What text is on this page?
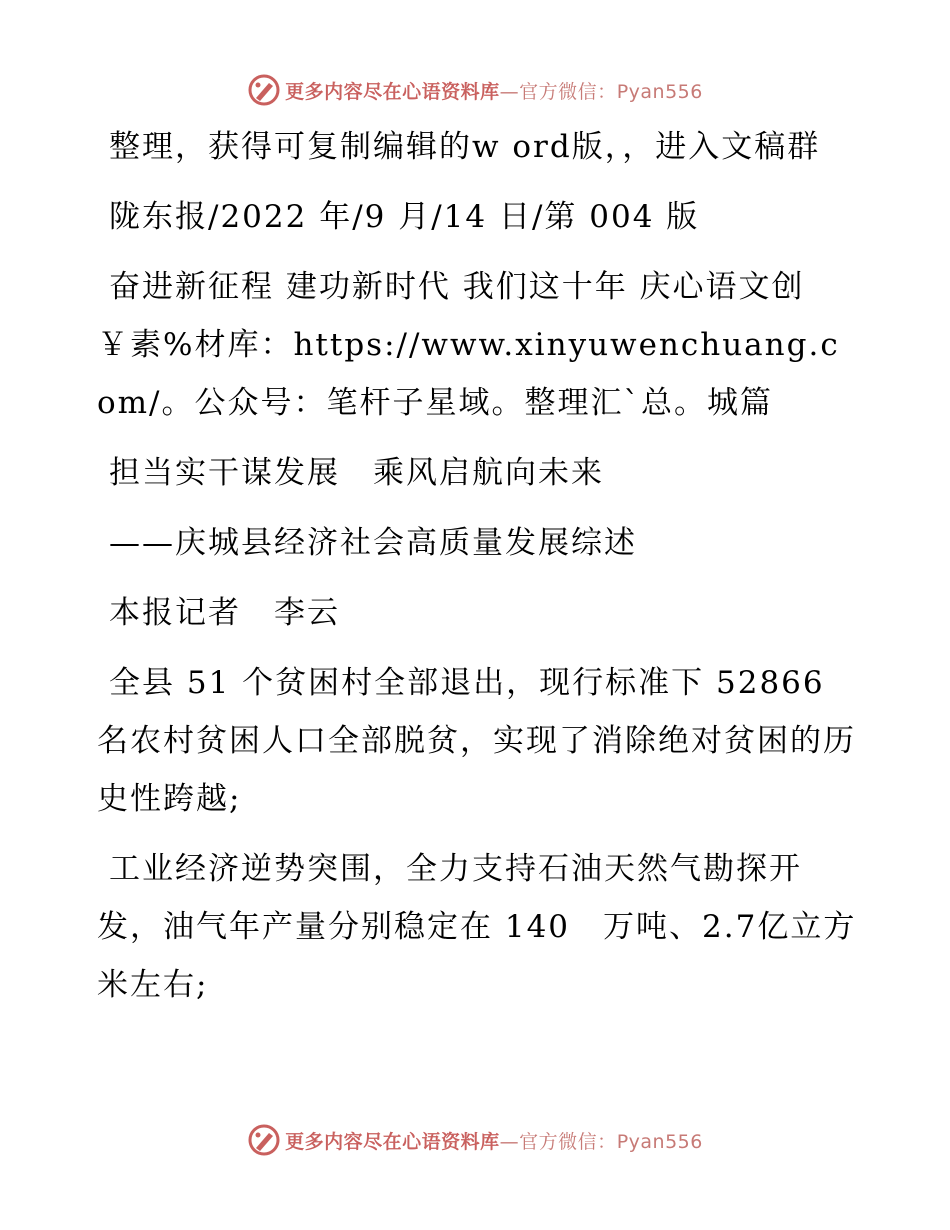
更多内容尽在心语资料库—官方微信：Pyan556

整理，获得可复制编辑的w ord版，，进入文稿群

陇东报/2022 年/9 月/14 日/第 004 版

奋进新征程 建功新时代 我们这十年 庆心语文创￥素%材库：https://www.xinyuwenchuang.com/。公众号：笔杆子星域。整理汇`总。城篇

担当实干谋发展　乘风启航向未来

——庆城县经济社会高质量发展综述

本报记者　李云

全县 51 个贫困村全部退出，现行标准下 52866 名农村贫困人口全部脱贫，实现了消除绝对贫困的历史性跨越;

工业经济逆势突围，全力支持石油天然气勘探开发，油气年产量分别稳定在 140　万吨、2.7亿立方米左右;

更多内容尽在心语资料库—官方微信：Pyan556
